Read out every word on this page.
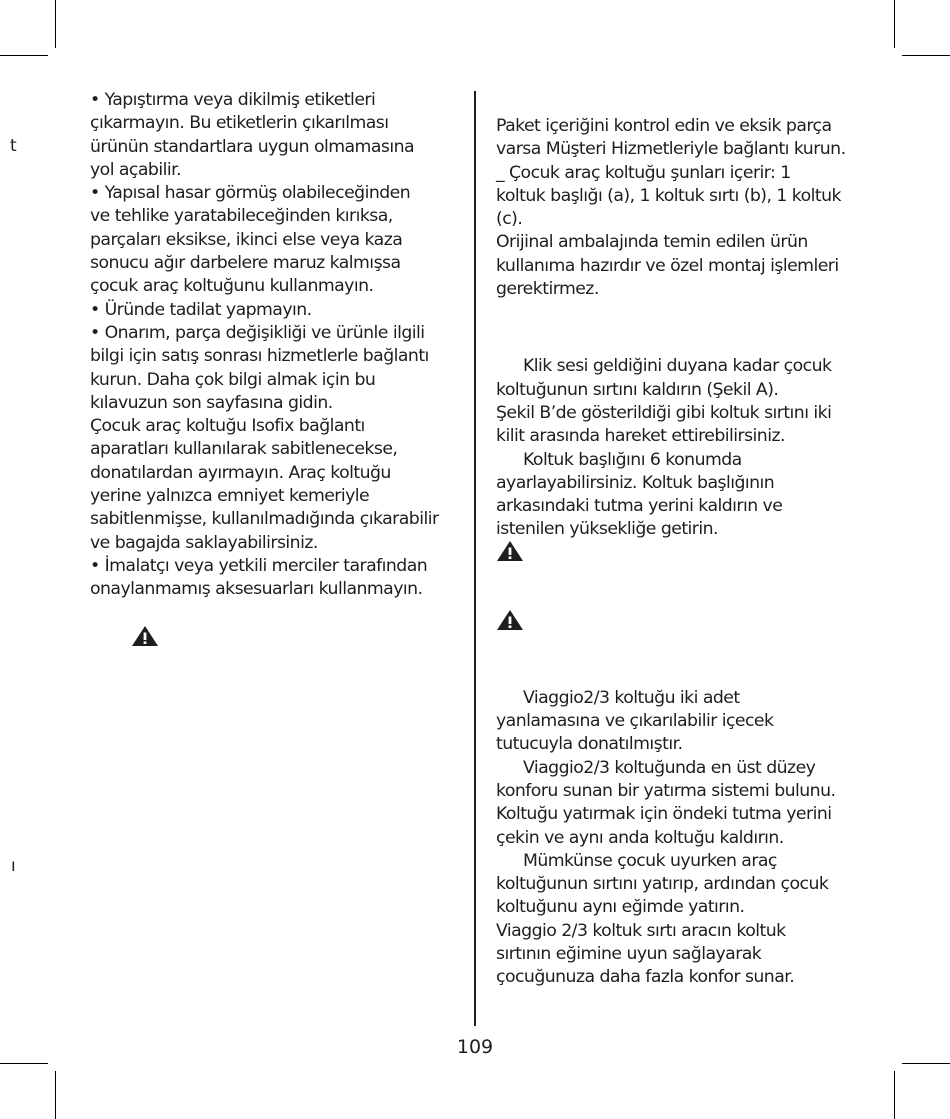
t
ו
• Yapıştırma veya dikilmiş etiketleri
çıkarmayın. Bu etiketlerin çıkarılması
ürünün standartlara uygun olmamasına
yol açabilir.
• Yapısal hasar görmüş olabileceğinden
ve tehlike yaratabileceğinden kırıksa,
parçaları eksikse, ikinci else veya kaza
sonucu ağır darbelere maruz kalmışsa
çocuk araç koltuğunu kullanmayın.
• Üründe tadilat yapmayın.
• Onarım, parça değişikliği ve ürünle ilgili
bilgi için satış sonrası hizmetlerle bağlantı
kurun. Daha çok bilgi almak için bu
kılavuzun son sayfasına gidin.
Çocuk araç koltuğu Isofix bağlantı
aparatları kullanılarak sabitlenecekse,
donatılardan ayırmayın. Araç koltuğu
yerine yalnızca emniyet kemeriyle
sabitlenmişse, kullanılmadığında çıkarabilir
ve bagajda saklayabilirsiniz.
• İmalatçı veya yetkili merciler tarafından
onaylanmamış aksesuarları kullanmayın.
Paket içeriğini kontrol edin ve eksik parça
varsa Müşteri Hizmetleriyle bağlantı kurun.
_ Çocuk araç koltuğu şunları içerir: 1
koltuk başlığı (a), 1 koltuk sırtı (b), 1 koltuk
(c).
Orijinal ambalajında temin edilen ürün
kullanıma hazırdır ve özel montaj işlemleri
gerektirmez.
Klik sesi geldiğini duyana kadar çocuk
koltuğunun sırtını kaldırın (Şekil A).
Şekil B’de gösterildiği gibi koltuk sırtını iki
kilit arasında hareket ettirebilirsiniz.
Koltuk başlığını 6 konumda
ayarlayabilirsiniz. Koltuk başlığının
arkasındaki tutma yerini kaldırın ve
istenilen yüksekliğe getirin.
Viaggio2/3 koltuğu iki adet
yanlamasına ve çıkarılabilir içecek
tutucuyla donatılmıştır.
Viaggio2/3 koltuğunda en üst düzey
konforu sunan bir yatırma sistemi bulunu.
Koltuğu yatırmak için öndeki tutma yerini
çekin ve aynı anda koltuğu kaldırın.
Mümkünse çocuk uyurken araç
koltuğunun sırtını yatırıp, ardından çocuk
koltuğunu aynı eğimde yatırın.
Viaggio 2/3 koltuk sırtı aracın koltuk
sırtının eğimine uyun sağlayarak
çocuğunuza daha fazla konfor sunar.
109
